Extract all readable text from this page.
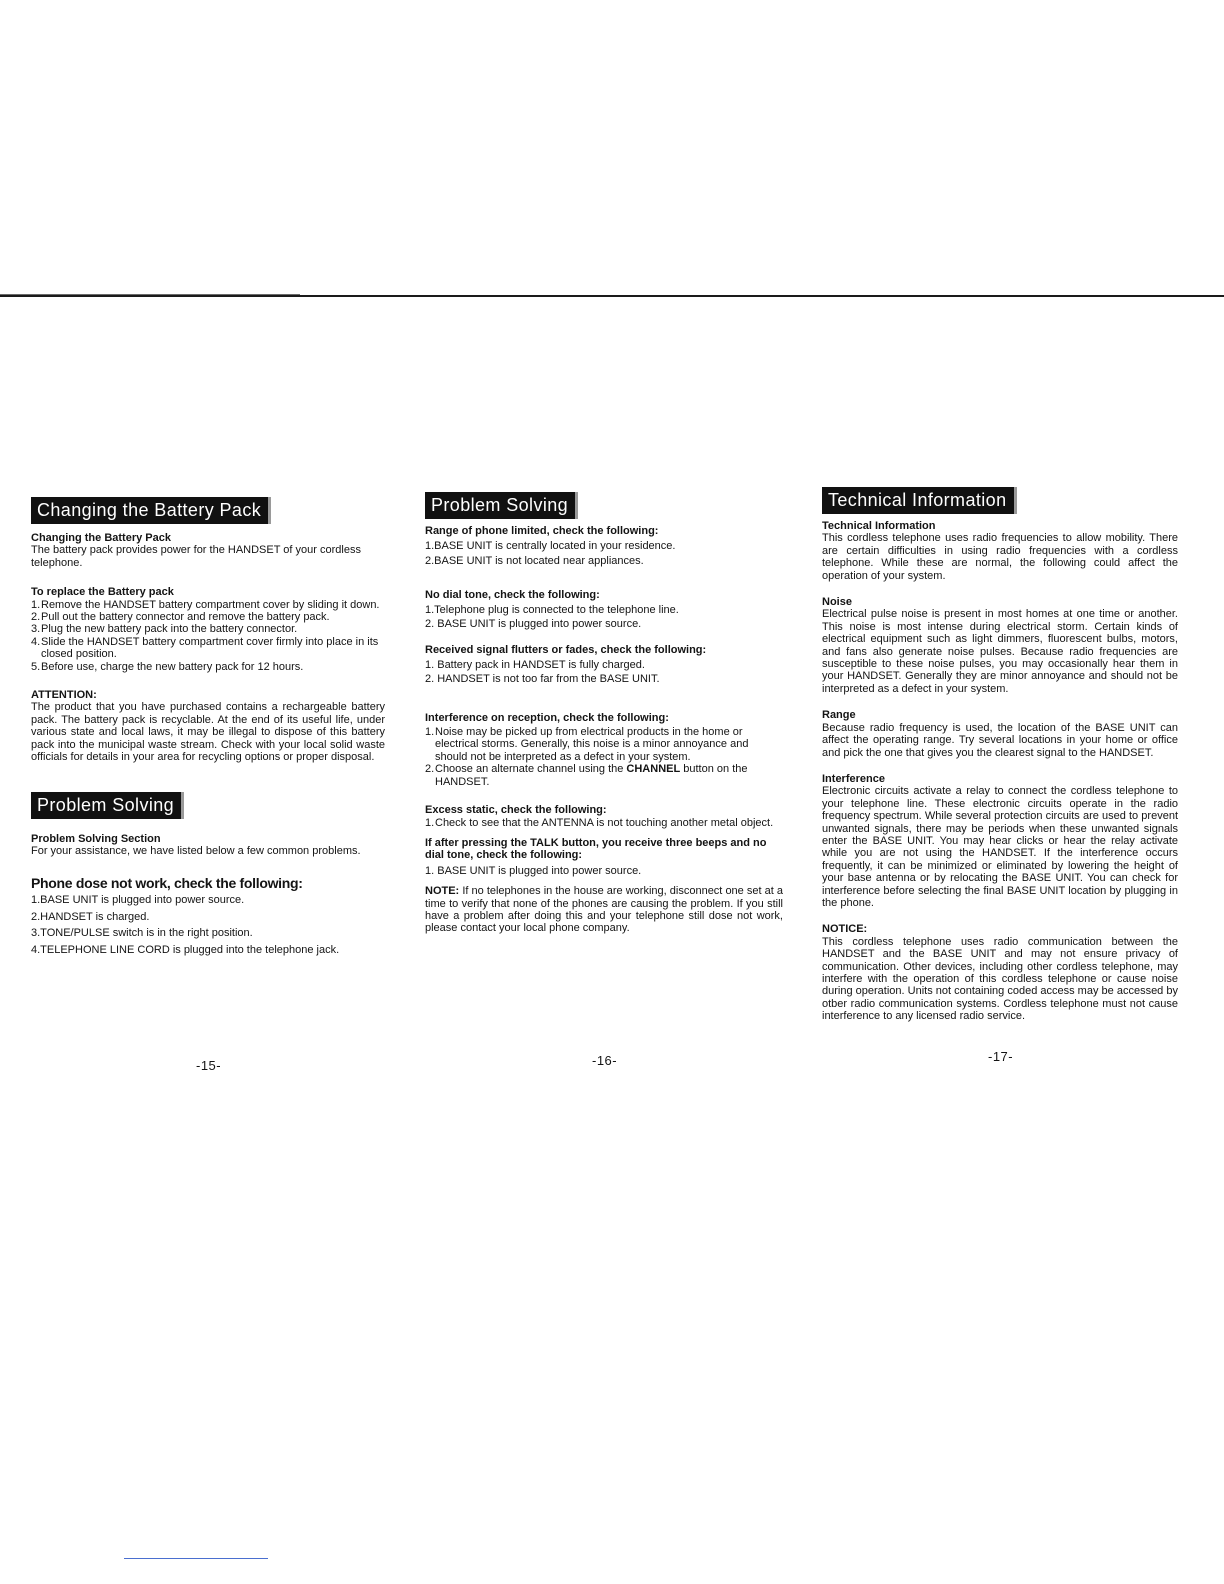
Changing the Battery Pack

Changing the Battery Pack

The battery pack provides power for the HANDSET of your cordless telephone.

To replace the Battery pack

1. Remove the HANDSET battery compartment cover by sliding it down.
2. Pull out the battery connector and remove the battery pack.
3. Plug the new battery pack into the battery connector.
4. Slide the HANDSET battery compartment cover firmly into place in its closed position.
5. Before use, charge the new battery pack for 12 hours.

ATTENTION:

The product that you have purchased contains a rechargeable battery pack. The battery pack is recyclable. At the end of its useful life, under various state and local laws, it may be illegal to dispose of this battery pack into the municipal waste stream. Check with your local solid waste officials for details in your area for recycling options or proper disposal.

Problem Solving

Problem Solving Section

For your assistance, we have listed below a few common problems.

Phone dose not work, check the following:

1.BASE UNIT is plugged into power source.

2.HANDSET is charged.

3.TONE/PULSE switch is in the right position.

4.TELEPHONE LINE CORD is plugged into the telephone jack.

Problem Solving

Range of phone limited, check the following:

1.BASE UNIT is centrally located in your residence.

2.BASE UNIT is not located near appliances.

No dial tone, check the following:

1.Telephone plug is connected to the telephone line.

2. BASE UNIT is plugged into power source.

Received signal flutters or fades, check the following:

1. Battery pack in HANDSET is fully charged.

2. HANDSET is not too far from the BASE UNIT.

Interference on reception, check the following:

1. Noise may be picked up from electrical products in the home or electrical storms. Generally, this noise is a minor annoyance and should not be interpreted as a defect in your system.
2. Choose an alternate channel using the CHANNEL button on the HANDSET.

Excess static, check the following:

1. Check to see that the ANTENNA is not touching another metal object.

If after pressing the TALK button, you receive three beeps and no dial tone, check the following:

1. BASE UNIT is plugged into power source.

NOTE: If no telephones in the house are working, disconnect one set at a time to verify that none of the phones are causing the problem. If you still have a problem after doing this and your telephone still dose not work, please contact your local phone company.

Technical Information

Technical Information

This cordless telephone uses radio frequencies to allow mobility. There are certain difficulties in using radio frequencies with a cordless telephone. While these are normal, the following could affect the operation of your system.

Noise

Electrical pulse noise is present in most homes at one time or another. This noise is most intense during electrical storm. Certain kinds of electrical equipment such as light dimmers, fluorescent bulbs, motors, and fans also generate noise pulses. Because radio frequencies are susceptible to these noise pulses, you may occasionally hear them in your HANDSET. Generally they are minor annoyance and should not be interpreted as a defect in your system.

Range

Because radio frequency is used, the location of the BASE UNIT can affect the operating range. Try several locations in your home or office and pick the one that gives you the clearest signal to the HANDSET.

Interference

Electronic circuits activate a relay to connect the cordless telephone to your telephone line. These electronic circuits operate in the radio frequency spectrum. While several protection circuits are used to prevent unwanted signals, there may be periods when these unwanted signals enter the BASE UNIT. You may hear clicks or hear the relay activate while you are not using the HANDSET. If the interference occurs frequently, it can be minimized or eliminated by lowering the height of your base antenna or by relocating the BASE UNIT. You can check for interference before selecting the final BASE UNIT location by plugging in the phone.

NOTICE:

This cordless telephone uses radio communication between the HANDSET and the BASE UNIT and may not ensure privacy of communication. Other devices, including other cordless telephone, may interfere with the operation of this cordless telephone or cause noise during operation. Units not containing coded access may be accessed by otber radio communication systems. Cordless telephone must not cause interference to any licensed radio service.

-15-	-16-	-17-
